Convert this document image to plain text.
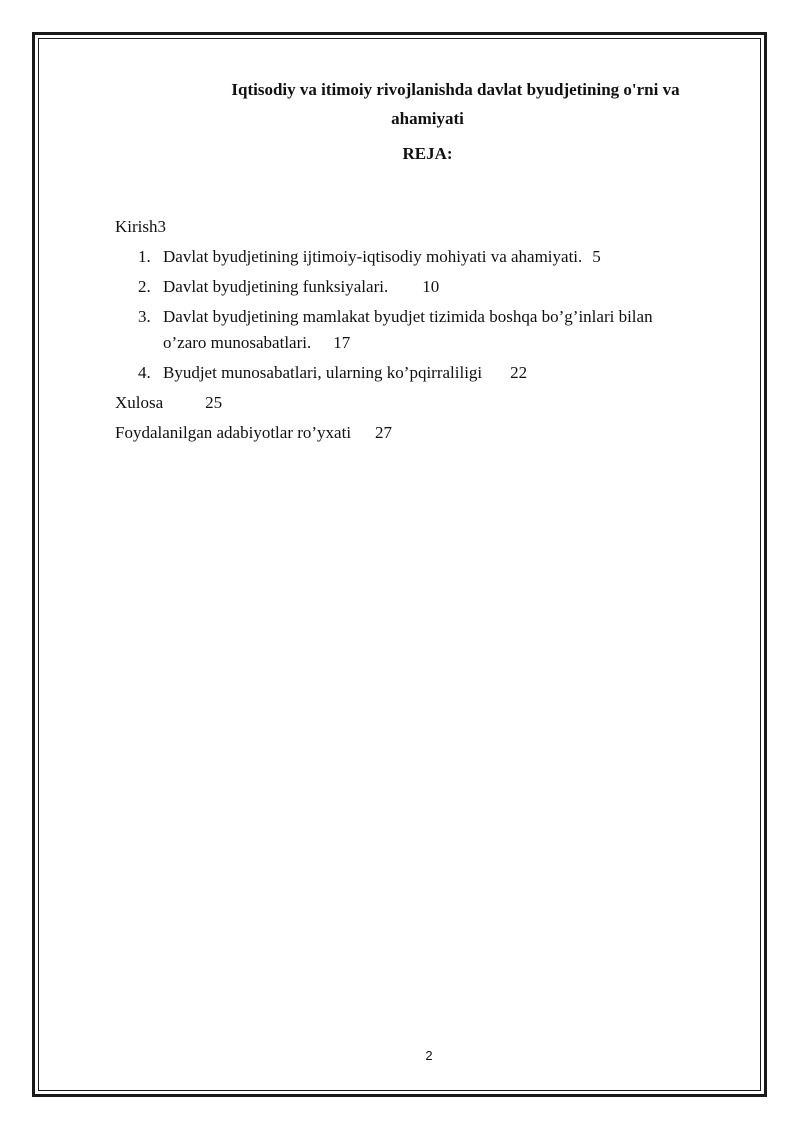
Iqtisodiy va itimoiy rivojlanishda davlat byudjetining o'rni va
ahamiyati
REJA:
Kirish3
1. Davlat byudjetining ijtimoiy-iqtisodiy mohiyati va ahamiyati. 5
2. Davlat byudjetining funksiyalari. 10
3. Davlat byudjetining mamlakat byudjet tizimida boshqa bo’g’inlari bilan
o’zaro munosabatlari. 17
4. Byudjet munosabatlari, ularning ko’pqirraliligi 22
Xulosa 25
Foydalanilgan adabiyotlar ro’yxati 27
2
